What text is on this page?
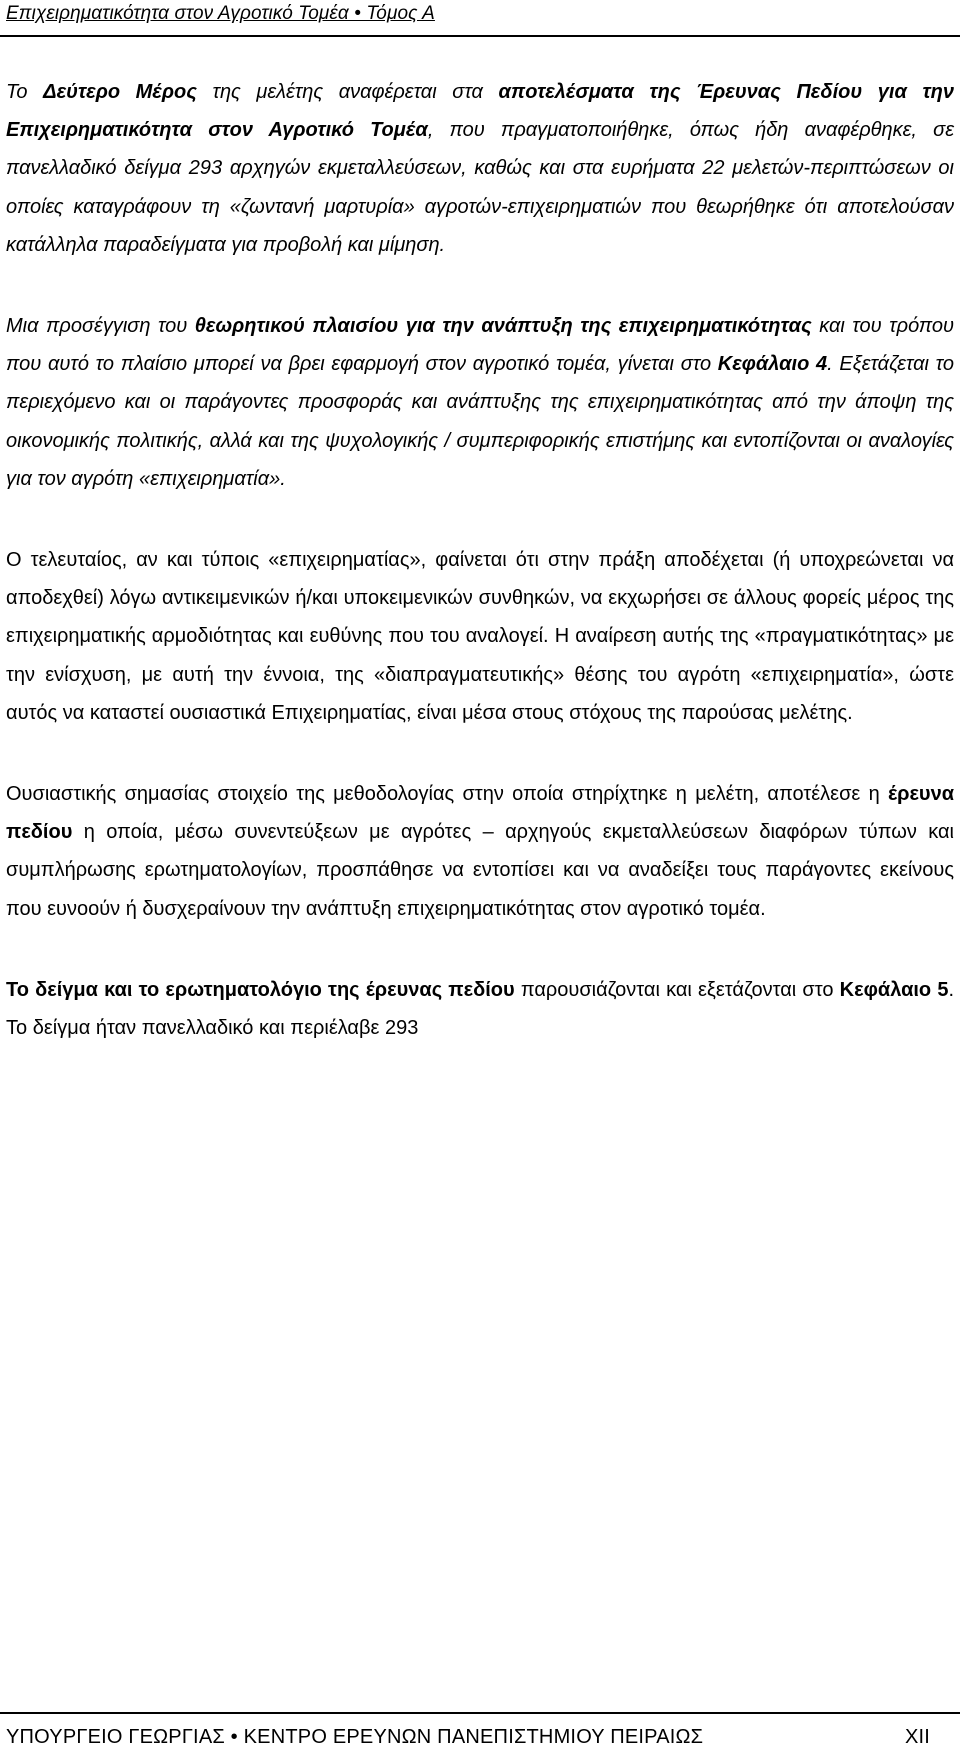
Επιχειρηματικότητα στον Αγροτικό Τομέα • Τόμος Α

Το Δεύτερο Μέρος της μελέτης αναφέρεται στα αποτελέσματα της Έρευνας Πεδίου για την Επιχειρηματικότητα στον Αγροτικό Τομέα, που πραγματοποιήθηκε, όπως ήδη αναφέρθηκε, σε πανελλαδικό δείγμα 293 αρχηγών εκμεταλλεύσεων, καθώς και στα ευρήματα 22 μελετών-περιπτώσεων οι οποίες καταγράφουν τη «ζωντανή μαρτυρία» αγροτών-επιχειρηματιών που θεωρήθηκε ότι αποτελούσαν κατάλληλα παραδείγματα για προβολή και μίμηση.

Μια προσέγγιση του θεωρητικού πλαισίου για την ανάπτυξη της επιχειρηματικότητας και του τρόπου που αυτό το πλαίσιο μπορεί να βρει εφαρμογή στον αγροτικό τομέα, γίνεται στο Κεφάλαιο 4. Εξετάζεται το περιεχόμενο και οι παράγοντες προσφοράς και ανάπτυξης της επιχειρηματικότητας από την άποψη της οικονομικής πολιτικής, αλλά και της ψυχολογικής / συμπεριφορικής επιστήμης και εντοπίζονται οι αναλογίες για τον αγρότη «επιχειρηματία».

Ο τελευταίος, αν και τύποις «επιχειρηματίας», φαίνεται ότι στην πράξη αποδέχεται (ή υποχρεώνεται να αποδεχθεί) λόγω αντικειμενικών ή/και υποκειμενικών συνθηκών, να εκχωρήσει σε άλλους φορείς μέρος της επιχειρηματικής αρμοδιότητας και ευθύνης που του αναλογεί. Η αναίρεση αυτής της «πραγματικότητας» με την ενίσχυση, με αυτή την έννοια, της «διαπραγματευτικής» θέσης του αγρότη «επιχειρηματία», ώστε αυτός να καταστεί ουσιαστικά Επιχειρηματίας, είναι μέσα στους στόχους της παρούσας μελέτης.

Ουσιαστικής σημασίας στοιχείο της μεθοδολογίας στην οποία στηρίχτηκε η μελέτη, αποτέλεσε η έρευνα πεδίου η οποία, μέσω συνεντεύξεων με αγρότες – αρχηγούς εκμεταλλεύσεων διαφόρων τύπων και συμπλήρωσης ερωτηματολογίων, προσπάθησε να εντοπίσει και να αναδείξει τους παράγοντες εκείνους που ευνοούν ή δυσχεραίνουν την ανάπτυξη επιχειρηματικότητας στον αγροτικό τομέα.

Το δείγμα και το ερωτηματολόγιο της έρευνας πεδίου παρουσιάζονται και εξετάζονται στο Κεφάλαιο 5. Το δείγμα ήταν πανελλαδικό και περιέλαβε 293

ΥΠΟΥΡΓΕΙΟ ΓΕΩΡΓΙΑΣ • ΚΕΝΤΡΟ ΕΡΕΥΝΩΝ ΠΑΝΕΠΙΣΤΗΜΙΟΥ ΠΕΙΡΑΙΩΣ	XII
